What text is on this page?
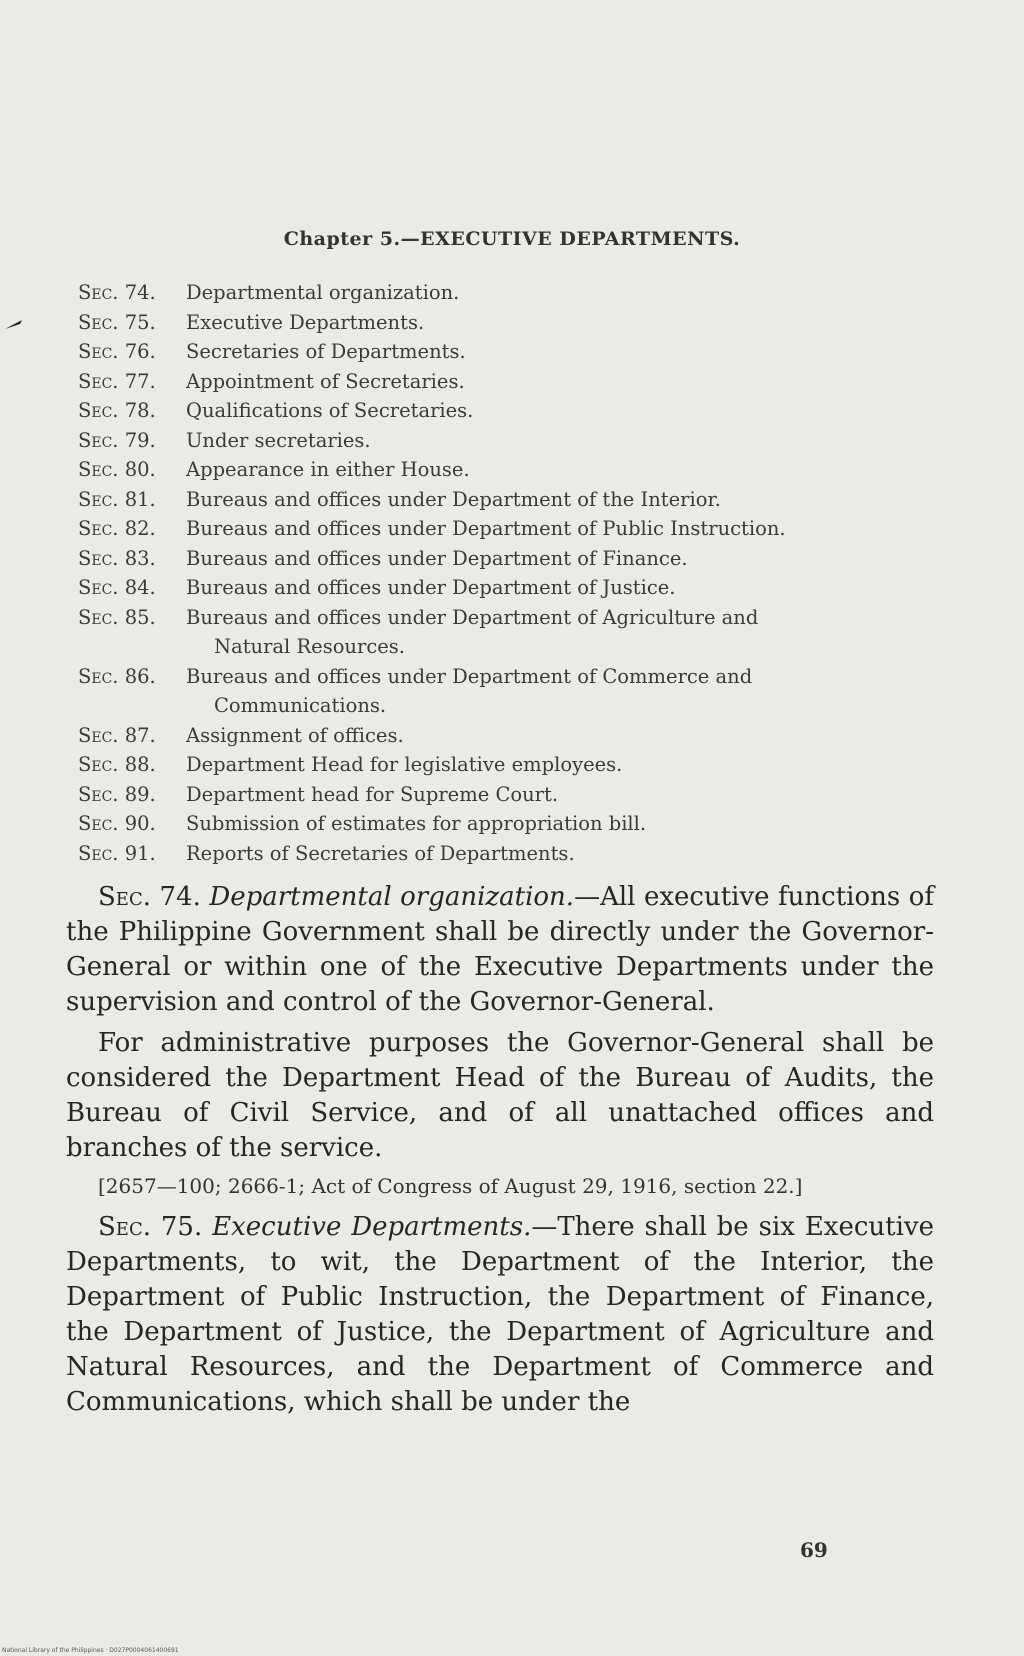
Chapter 5.—EXECUTIVE DEPARTMENTS.
Sec. 74.	Departmental organization.
Sec. 75.	Executive Departments.
Sec. 76.	Secretaries of Departments.
Sec. 77.	Appointment of Secretaries.
Sec. 78.	Qualifications of Secretaries.
Sec. 79.	Under secretaries.
Sec. 80.	Appearance in either House.
Sec. 81.	Bureaus and offices under Department of the Interior.
Sec. 82.	Bureaus and offices under Department of Public Instruction.
Sec. 83.	Bureaus and offices under Department of Finance.
Sec. 84.	Bureaus and offices under Department of Justice.
Sec. 85.	Bureaus and offices under Department of Agriculture and
Natural Resources.
Sec. 86.	Bureaus and offices under Department of Commerce and
Communications.
Sec. 87.	Assignment of offices.
Sec. 88.	Department Head for legislative employees.
Sec. 89.	Department head for Supreme Court.
Sec. 90.	Submission of estimates for appropriation bill.
Sec. 91.	Reports of Secretaries of Departments.

Sec. 74. Departmental organization.—All executive functions of the Philippine Government shall be directly under the Governor-General or within one of the Executive Departments under the supervision and control of the Governor-General.

For administrative purposes the Governor-General shall be considered the Department Head of the Bureau of Audits, the Bureau of Civil Service, and of all unattached offices and branches of the service.

[2657—100; 2666-1; Act of Congress of August 29, 1916, section 22.]

Sec. 75. Executive Departments.—There shall be six Executive Departments, to wit, the Department of the Interior, the Department of Public Instruction, the Department of Finance, the Department of Justice, the Department of Agriculture and Natural Resources, and the Department of Commerce and Communications, which shall be under the

69
National Library of the Philippines · D027P0004061400691
